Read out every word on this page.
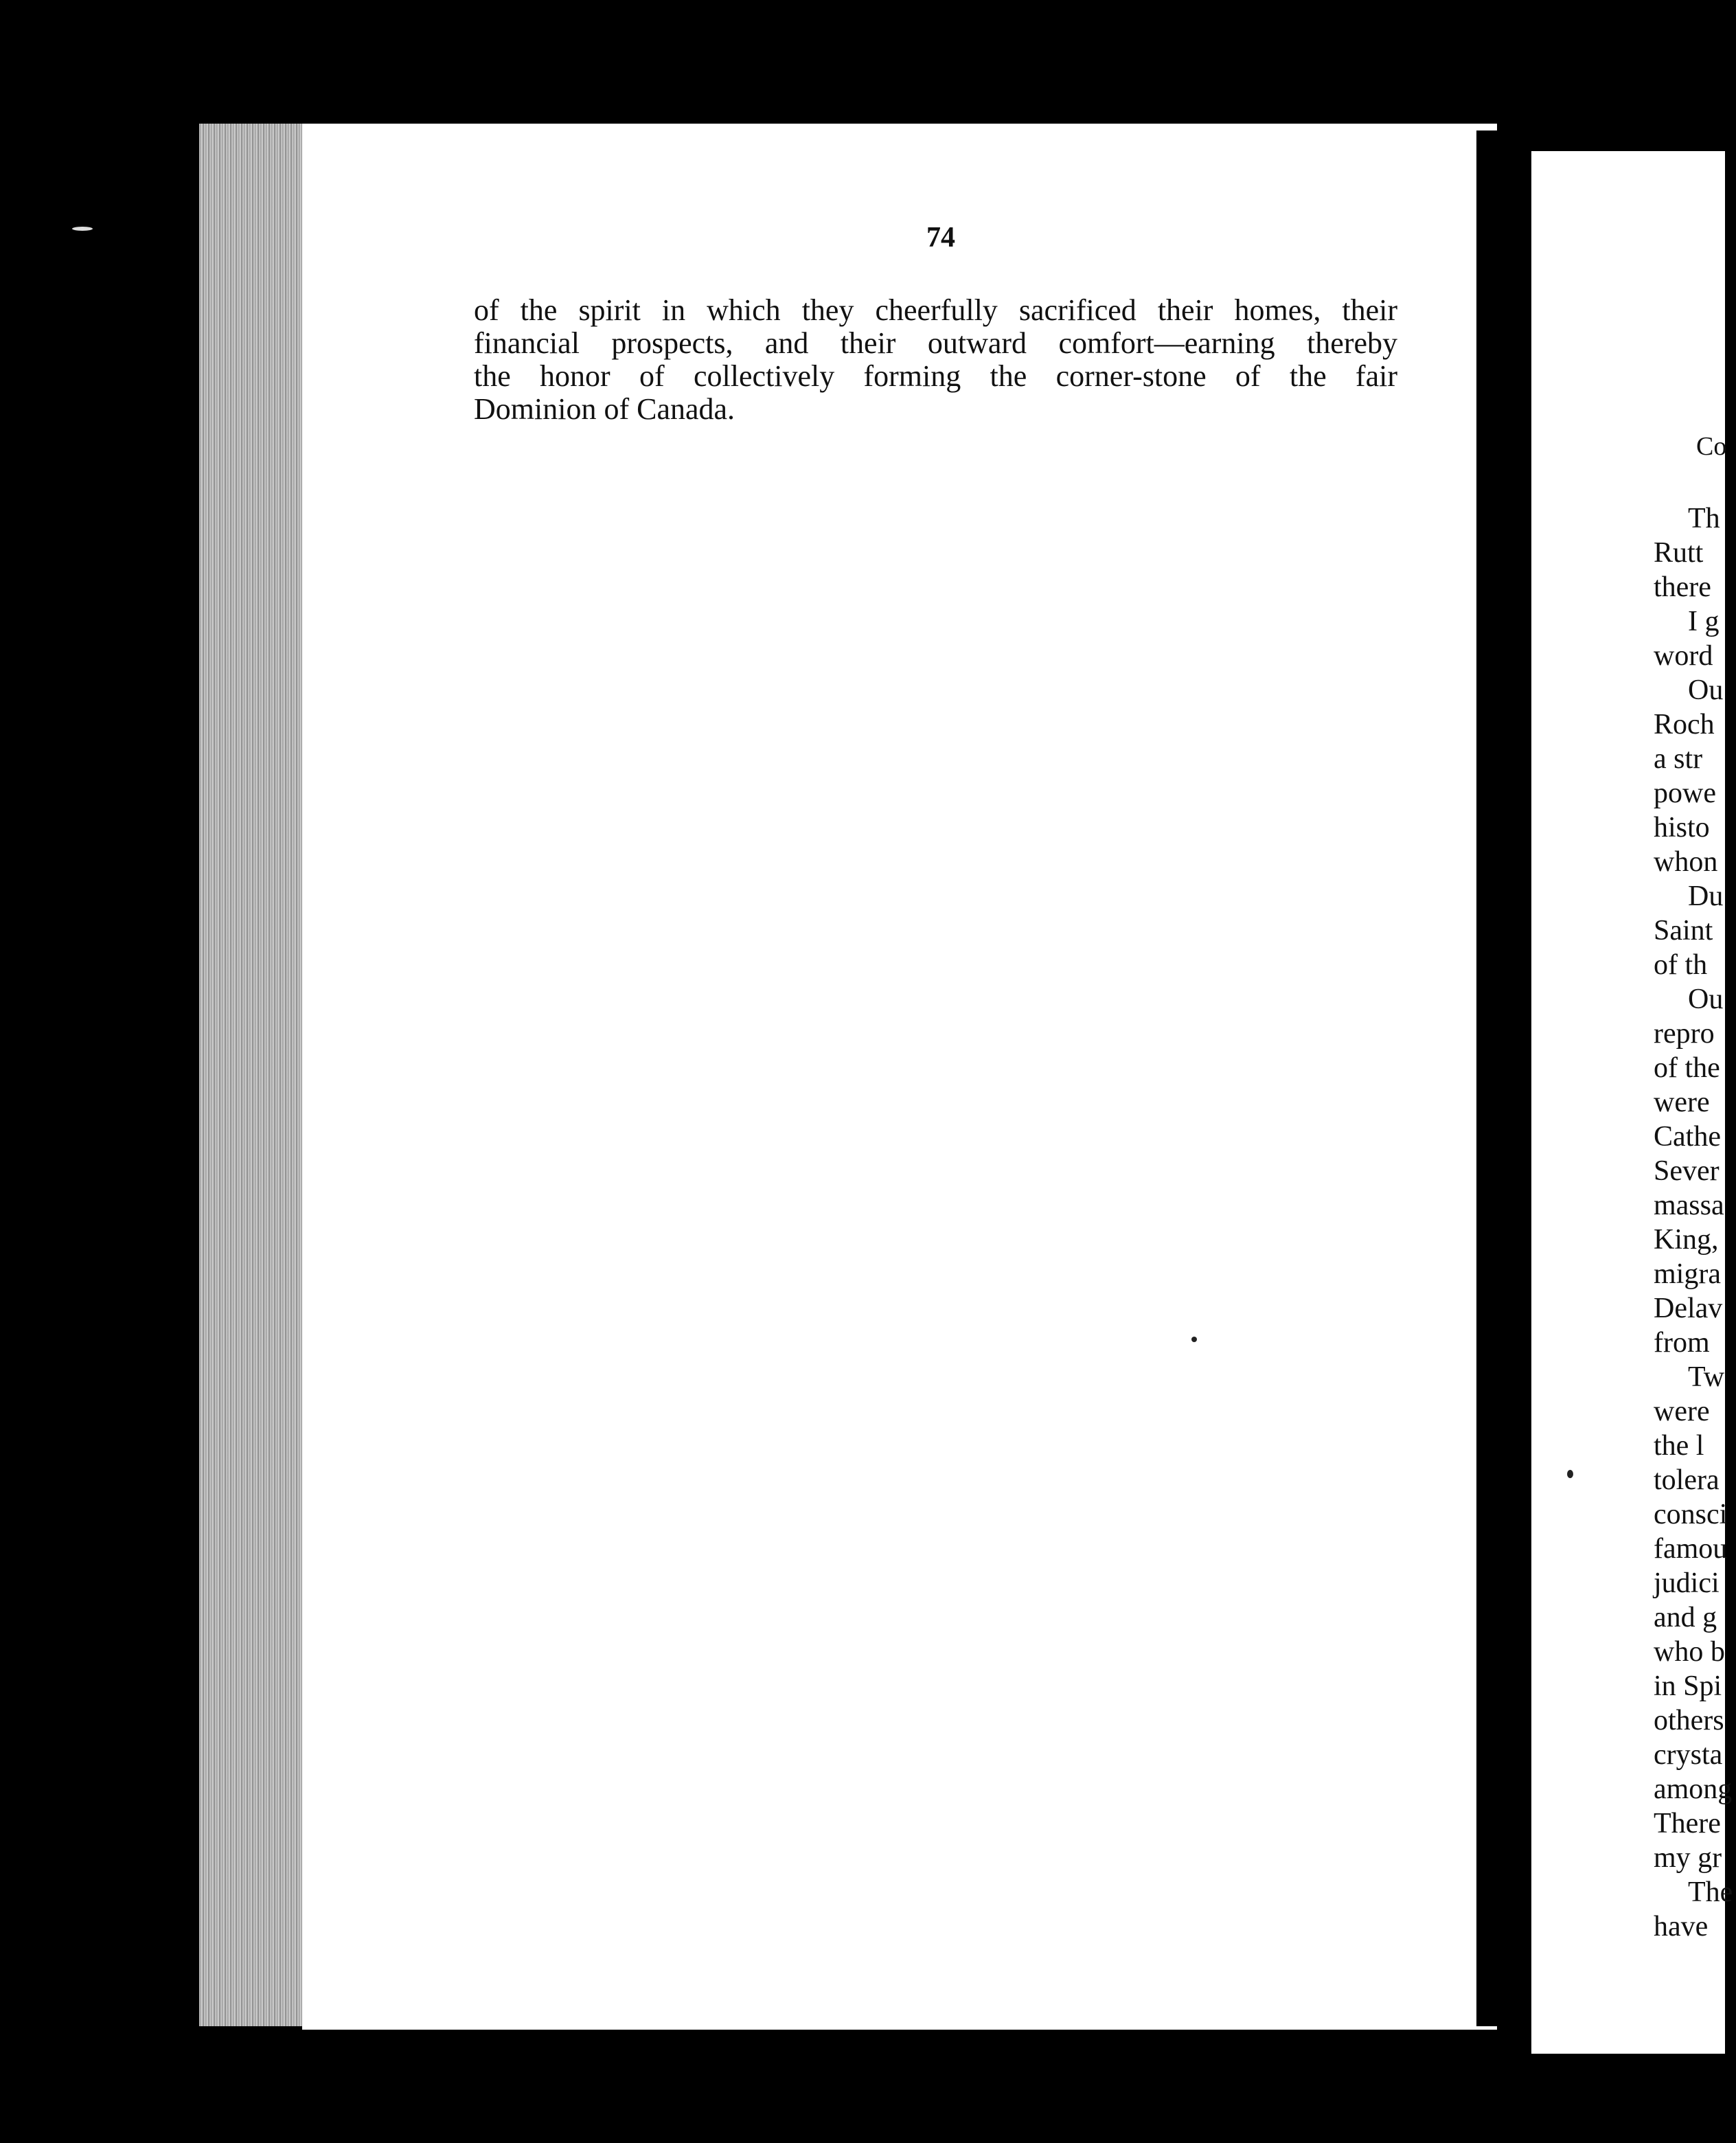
74
of the spirit in which they cheerfully sacrificed their homes, their
financial prospects, and their outward comfort—earning thereby
the honor of collectively forming the corner-stone of the fair
Dominion of Canada.
Co
Th
Rutt
there
I g
word
Ou
Roch
a str
powe
histo
whon
Du
Saint
of th
Ou
repro
of the
were
Cathe
Sever
massa
King,
migra
Delav
from
Tw
were
the l
tolera
consci
famou
judici
and g
who b
in Spi
others
crysta
among
There
my gr
The
have
